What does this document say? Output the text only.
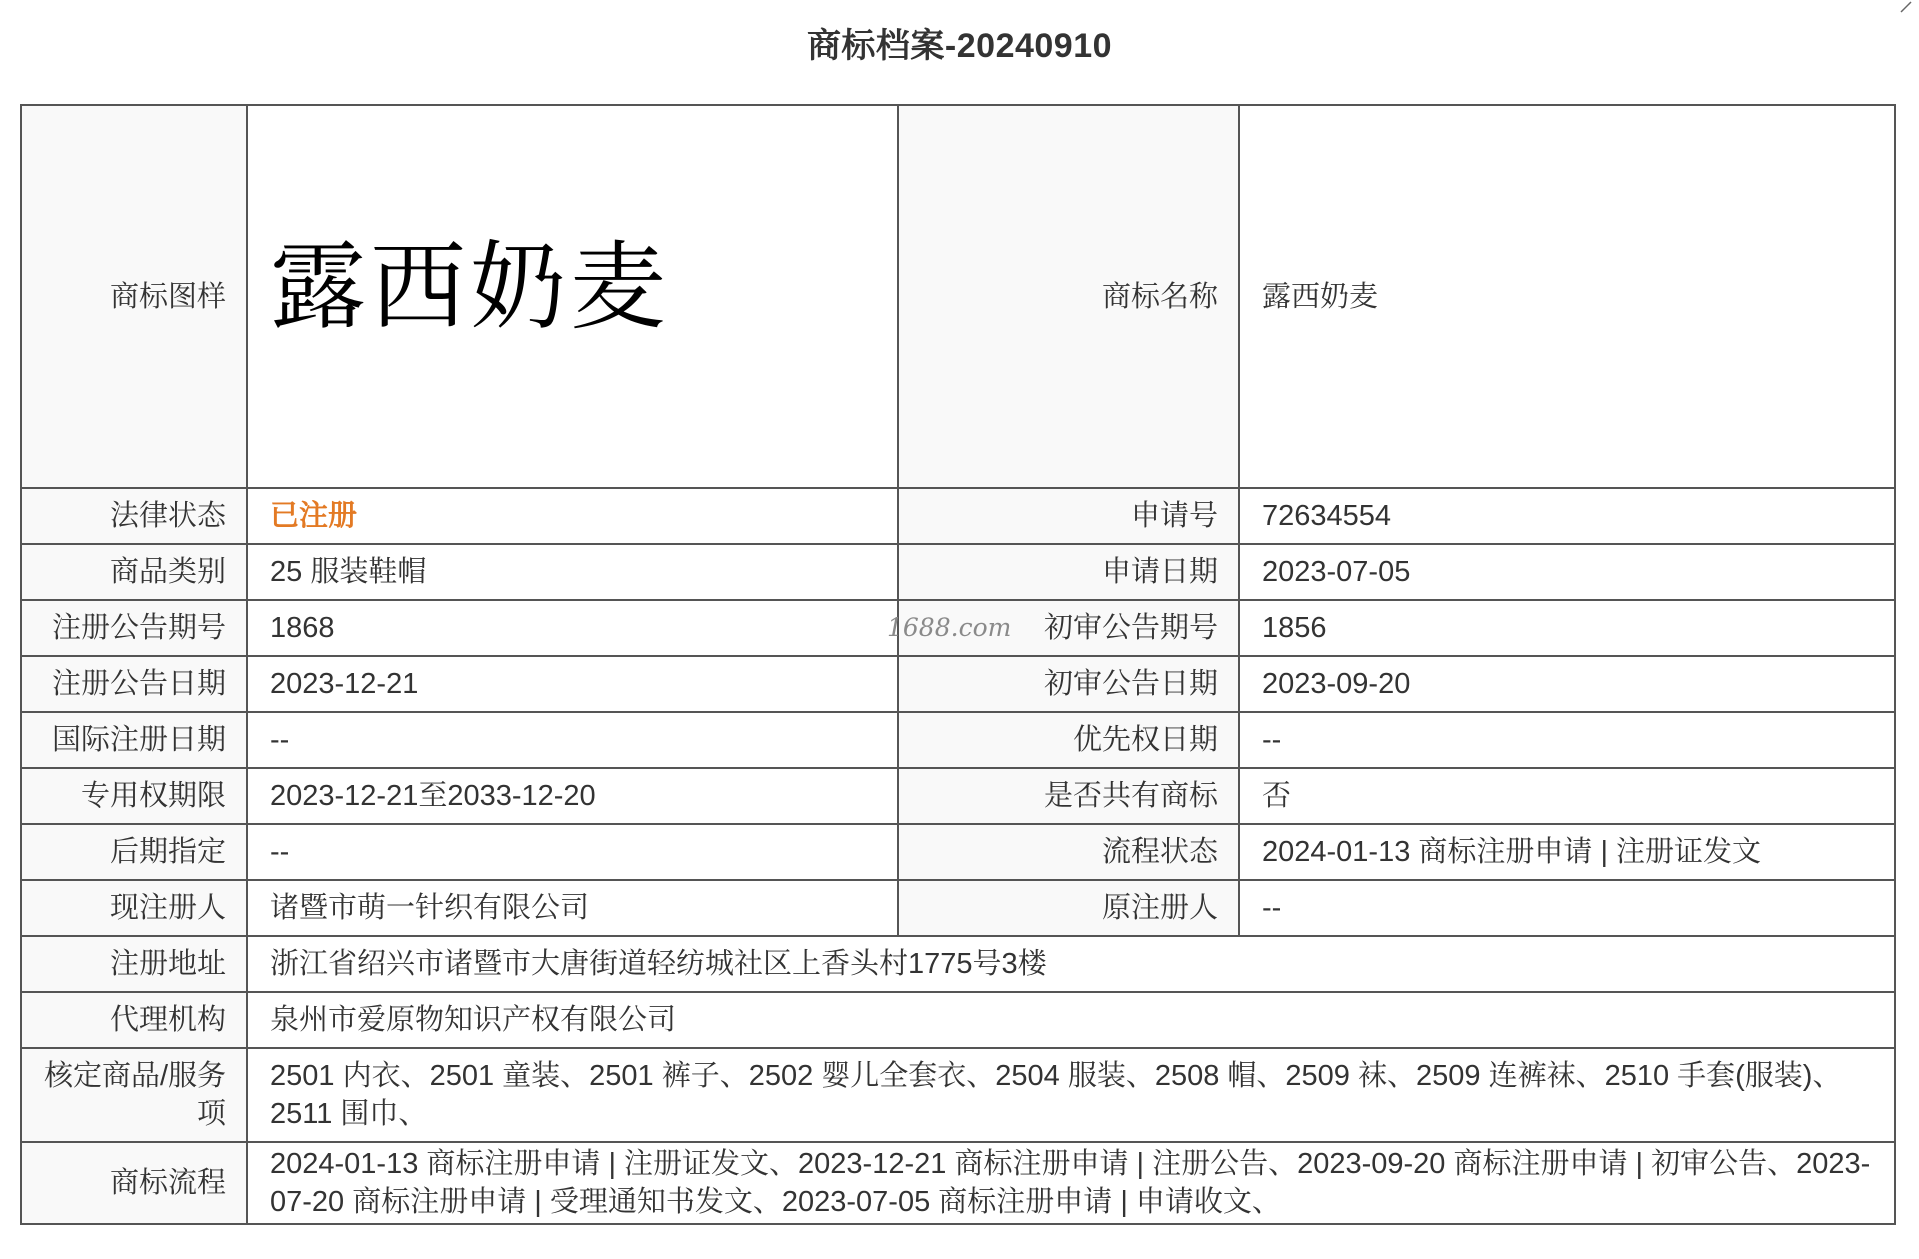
商标档案-20240910
商标图样	露西奶麦	商标名称	露西奶麦
法律状态	已注册	申请号	72634554
商品类别	25 服装鞋帽	申请日期	2023-07-05
注册公告期号	1868	1688.com 初审公告期号	1856
注册公告日期	2023-12-21	初审公告日期	2023-09-20
国际注册日期	--	优先权日期	--
专用权期限	2023-12-21至2033-12-20	是否共有商标	否
后期指定	--	流程状态	2024-01-13 商标注册申请 | 注册证发文
现注册人	诸暨市萌一针织有限公司	原注册人	--
注册地址	浙江省绍兴市诸暨市大唐街道轻纺城社区上香头村1775号3楼		
代理机构	泉州市爱原物知识产权有限公司		
核定商品/服务项	2501 内衣、2501 童装、2501 裤子、2502 婴儿全套衣、2504 服装、2508 帽、2509 袜、2509 连裤袜、2510 手套(服装)、2511 围巾、		
商标流程	2024-01-13 商标注册申请 | 注册证发文、2023-12-21 商标注册申请 | 注册公告、2023-09-20 商标注册申请 | 初审公告、2023-07-20 商标注册申请 | 受理通知书发文、2023-07-05 商标注册申请 | 申请收文、		
